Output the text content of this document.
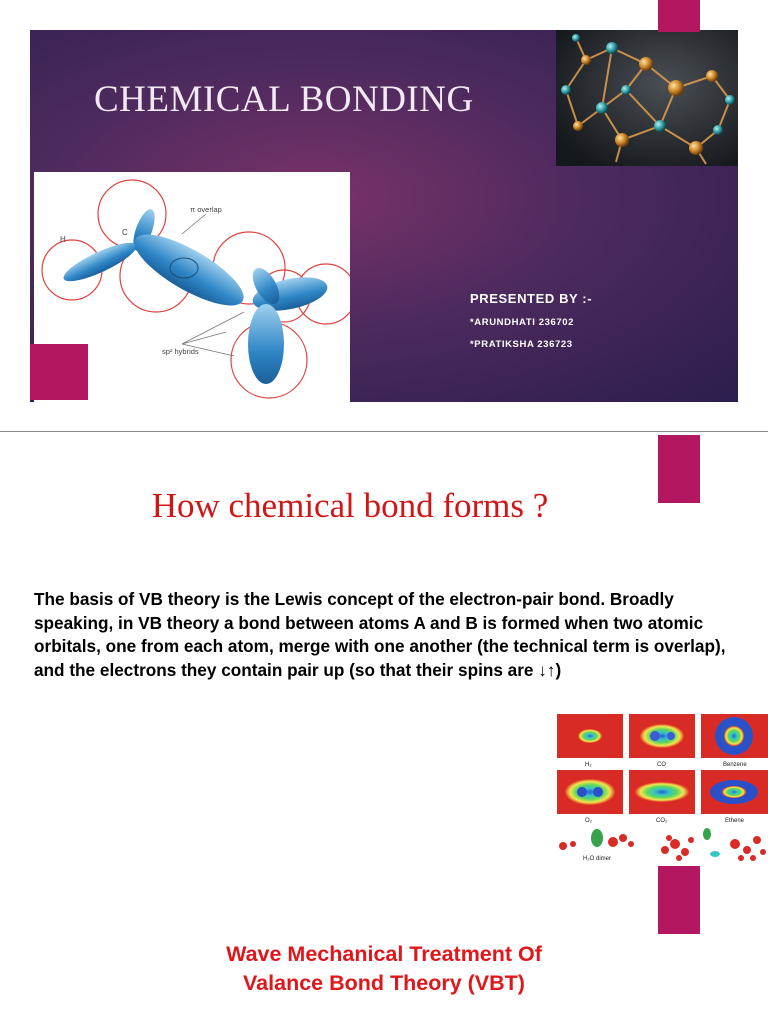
CHEMICAL BONDING
H
C
π overlap
sp² hybrids
PRESENTED BY :-
*ARUNDHATI 236702
*PRATIKSHA 236723
How chemical bond forms ?
The basis of VB theory is the Lewis concept of the electron-pair bond. Broadly speaking, in VB theory a bond between atoms A and B is formed when two atomic orbitals, one from each atom, merge with one another (the technical term is overlap), and the electrons they contain pair up (so that their spins are ↓↑)
H₂	CO	Benzene
O₂	CO₂	Ethene
H₂O dimer
Wave Mechanical Treatment Of
Valance Bond Theory (VBT)
